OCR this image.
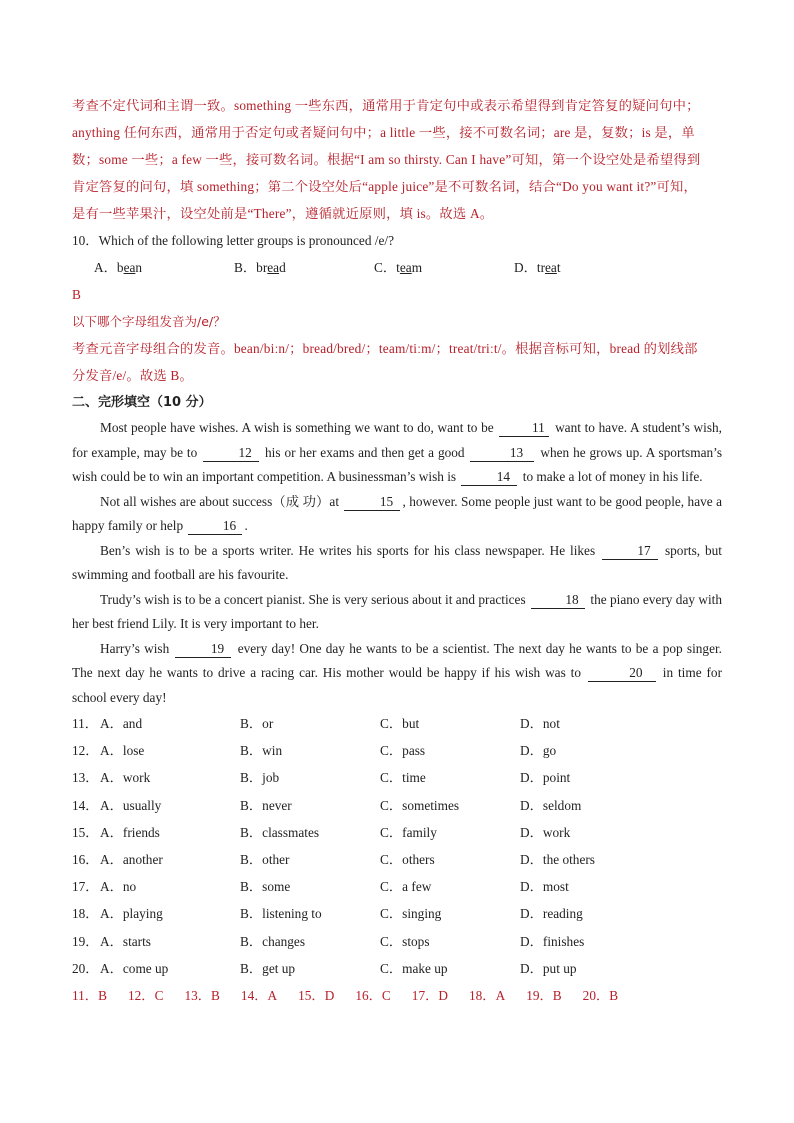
考查不定代词和主谓一致。something 一些东西，通常用于肯定句中或表示希望得到肯定答复的疑问句中；

anything 任何东西，通常用于否定句或者疑问句中；a little 一些，接不可数名词；are 是，复数；is 是，单

数；some 一些；a few 一些，接可数名词。根据“I am so thirsty. Can I have”可知，第一个设空处是希望得到

肯定答复的问句，填 something；第二个设空处后“apple juice”是不可数名词，结合“Do you want it?”可知，

是有一些苹果汁，设空处前是“There”，遵循就近原则，填 is。故选 A。

10．Which of the following letter groups is pronounced /e/?

A．bean	B．bread	C．team	D．treat

B

以下哪个字母组发音为/e/？

考查元音字母组合的发音。bean/biːn/；bread/bred/；team/tiːm/；treat/triːt/。根据音标可知，bread 的划线部

分发音/e/。故选 B。

二、完形填空（10 分）

Most people have wishes. A wish is something we want to do, want to be	11 want to have. A student’s wish, for example, may be to	12 his or her exams and then get a good	13 when he grows up. A sportsman’s wish could be to win an important competition. A businessman’s wish is	14 to make a lot of money in his life.

Not all wishes are about success（成 功）at	15 , however. Some people just want to be good people, have a happy family or help	16 .

Ben’s wish is to be a sports writer. He writes his sports for his class newspaper. He likes	17 sports, but swimming and football are his favourite.

Trudy’s wish is to be a concert pianist. She is very serious about it and practices	18 the piano every day with her best friend Lily. It is very important to her.

Harry’s wish	19 every day! One day he wants to be a scientist. The next day he wants to be a pop singer. The next day he wants to drive a racing car. His mother would be happy if his wish was to	20 in time for school every day!

11． A．and	B．or	C．but	D．not
12． A．lose	B．win	C．pass	D．go
13． A．work	B．job	C．time	D．point
14． A．usually	B．never	C．sometimes	D．seldom
15． A．friends	B．classmates	C．family	D．work
16． A．another	B．other	C．others	D．the others
17． A．no	B．some	C．a few	D．most
18． A．playing	B．listening to	C．singing	D．reading
19． A．starts	B．changes	C．stops	D．finishes
20． A．come up	B．get up	C．make up	D．put up
11．B 12．C 13．B 14．A 15．D 16．C 17．D 18．A 19．B 20．B
